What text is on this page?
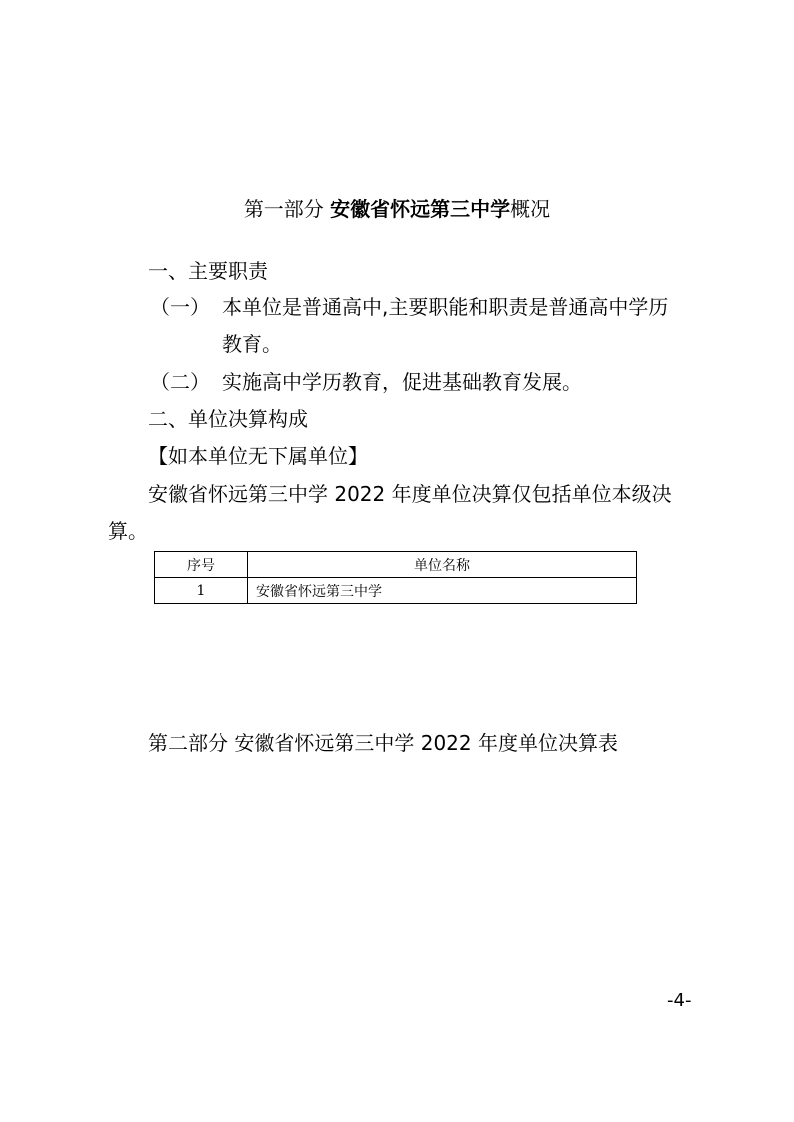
第一部分 安徽省怀远第三中学概况
一、主要职责
（一） 本单位是普通高中,主要职能和职责是普通高中学历
教育。
（二） 实施高中学历教育，促进基础教育发展。
二、单位决算构成
【如本单位无下属单位】
安徽省怀远第三中学 2022 年度单位决算仅包括单位本级决
算。
序号	单位名称
1	安徽省怀远第三中学
第二部分 安徽省怀远第三中学 2022 年度单位决算表
-4-
